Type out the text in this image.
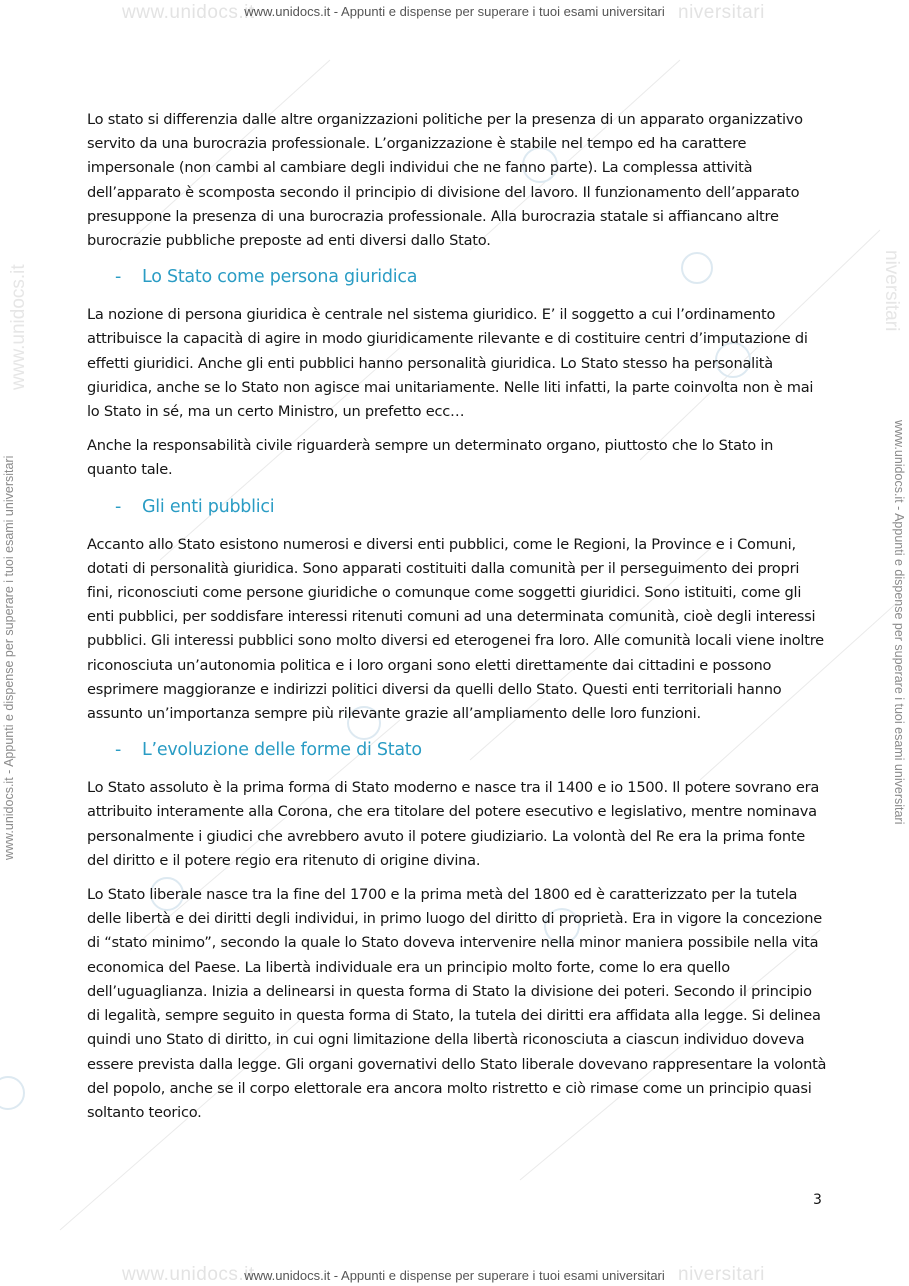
www.unidocs.it	niversitari
www.unidocs.it - Appunti e dispense per superare i tuoi esami universitari
www.unidocs.it	niversitari
www.unidocs.it - Appunti e dispense per superare i tuoi esami universitari
www.unidocs.it - Appunti e dispense per superare i tuoi esami universitari	www.unidocs.it - Appunti e dispense per superare i tuoi esami universitari
www.unidocs.it	niversitari

Lo stato si differenzia dalle altre organizzazioni politiche per la presenza di un apparato organizzativo servito da una burocrazia professionale. L’organizzazione è stabile nel tempo ed ha carattere impersonale (non cambi al cambiare degli individui che ne fanno parte). La complessa attività dell’apparato è scomposta secondo il principio di divisione del lavoro. Il funzionamento dell’apparato presuppone la presenza di una burocrazia professionale. Alla burocrazia statale si affiancano altre burocrazie pubbliche preposte ad enti diversi dallo Stato.

- Lo Stato come persona giuridica

La nozione di persona giuridica è centrale nel sistema giuridico. E’ il soggetto a cui l’ordinamento attribuisce la capacità di agire in modo giuridicamente rilevante e di costituire centri d’imputazione di effetti giuridici. Anche gli enti pubblici hanno personalità giuridica. Lo Stato stesso ha personalità giuridica, anche se lo Stato non agisce mai unitariamente. Nelle liti infatti, la parte coinvolta non è mai lo Stato in sé, ma un certo Ministro, un prefetto ecc…

Anche la responsabilità civile riguarderà sempre un determinato organo, piuttosto che lo Stato in quanto tale.

- Gli enti pubblici

Accanto allo Stato esistono numerosi e diversi enti pubblici, come le Regioni, la Province e i Comuni, dotati di personalità giuridica. Sono apparati costituiti dalla comunità per il perseguimento dei propri fini, riconosciuti come persone giuridiche o comunque come soggetti giuridici. Sono istituiti, come gli enti pubblici, per soddisfare interessi ritenuti comuni ad una determinata comunità, cioè degli interessi pubblici. Gli interessi pubblici sono molto diversi ed eterogenei fra loro. Alle comunità locali viene inoltre riconosciuta un’autonomia politica e i loro organi sono eletti direttamente dai cittadini e possono esprimere maggioranze e indirizzi politici diversi da quelli dello Stato. Questi enti territoriali hanno assunto un’importanza sempre più rilevante grazie all’ampliamento delle loro funzioni.

- L’evoluzione delle forme di Stato

Lo Stato assoluto è la prima forma di Stato moderno e nasce tra il 1400 e io 1500. Il potere sovrano era attribuito interamente alla Corona, che era titolare del potere esecutivo e legislativo, mentre nominava personalmente i giudici che avrebbero avuto il potere giudiziario. La volontà del Re era la prima fonte del diritto e il potere regio era ritenuto di origine divina.

Lo Stato liberale nasce tra la fine del 1700 e la prima metà del 1800 ed è caratterizzato per la tutela delle libertà e dei diritti degli individui, in primo luogo del diritto di proprietà. Era in vigore la concezione di “stato minimo”, secondo la quale lo Stato doveva intervenire nella minor maniera possibile nella vita economica del Paese. La libertà individuale era un principio molto forte, come lo era quello dell’uguaglianza. Inizia a delinearsi in questa forma di Stato la divisione dei poteri. Secondo il principio di legalità, sempre seguito in questa forma di Stato, la tutela dei diritti era affidata alla legge. Si delinea quindi uno Stato di diritto, in cui ogni limitazione della libertà riconosciuta a ciascun individuo doveva essere prevista dalla legge. Gli organi governativi dello Stato liberale dovevano rappresentare la volontà del popolo, anche se il corpo elettorale era ancora molto ristretto e ciò rimase come un principio quasi soltanto teorico.

3
